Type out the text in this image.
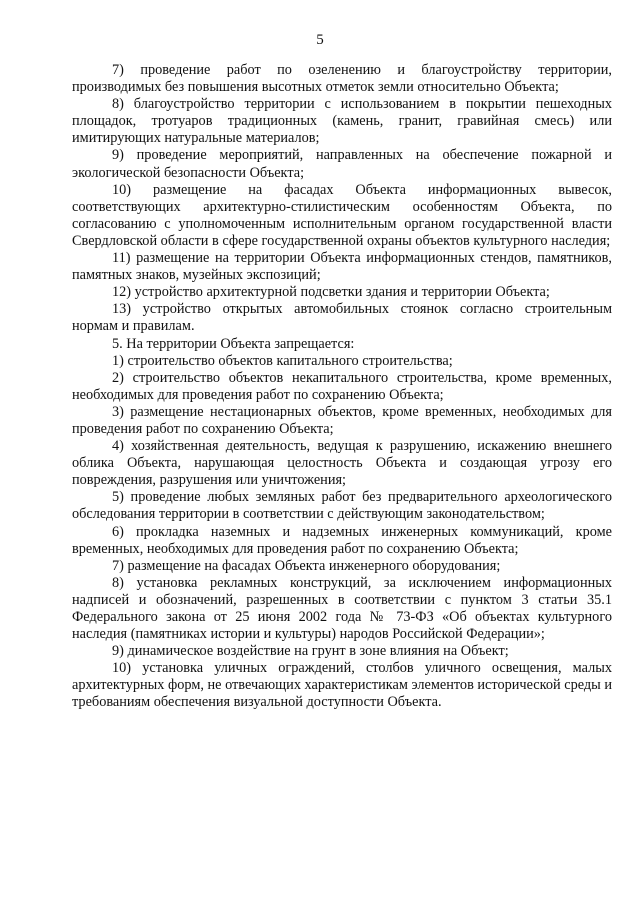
5

7) проведение работ по озеленению и благоустройству территории, производимых без повышения высотных отметок земли относительно Объекта;

8) благоустройство территории с использованием в покрытии пешеходных площадок, тротуаров традиционных (камень, гранит, гравийная смесь) или имитирующих натуральные материалов;

9) проведение мероприятий, направленных на обеспечение пожарной и экологической безопасности Объекта;

10) размещение на фасадах Объекта информационных вывесок, соответствующих архитектурно-стилистическим особенностям Объекта, по согласованию с уполномоченным исполнительным органом государственной власти Свердловской области в сфере государственной охраны объектов культурного наследия;

11) размещение на территории Объекта информационных стендов, памятников, памятных знаков, музейных экспозиций;

12) устройство архитектурной подсветки здания и территории Объекта;

13) устройство открытых автомобильных стоянок согласно строительным нормам и правилам.

5. На территории Объекта запрещается:

1) строительство объектов капитального строительства;

2) строительство объектов некапитального строительства, кроме временных, необходимых для проведения работ по сохранению Объекта;

3) размещение нестационарных объектов, кроме временных, необходимых для проведения работ по сохранению Объекта;

4) хозяйственная деятельность, ведущая к разрушению, искажению внешнего облика Объекта, нарушающая целостность Объекта и создающая угрозу его повреждения, разрушения или уничтожения;

5) проведение любых земляных работ без предварительного археологического обследования территории в соответствии с действующим законодательством;

6) прокладка наземных и надземных инженерных коммуникаций, кроме временных, необходимых для проведения работ по сохранению Объекта;

7) размещение на фасадах Объекта инженерного оборудования;

8) установка рекламных конструкций, за исключением информационных надписей и обозначений, разрешенных в соответствии с пунктом 3 статьи 35.1 Федерального закона от 25 июня 2002 года № 73-ФЗ «Об объектах культурного наследия (памятниках истории и культуры) народов Российской Федерации»;

9) динамическое воздействие на грунт в зоне влияния на Объект;

10) установка уличных ограждений, столбов уличного освещения, малых архитектурных форм, не отвечающих характеристикам элементов исторической среды и требованиям обеспечения визуальной доступности Объекта.
